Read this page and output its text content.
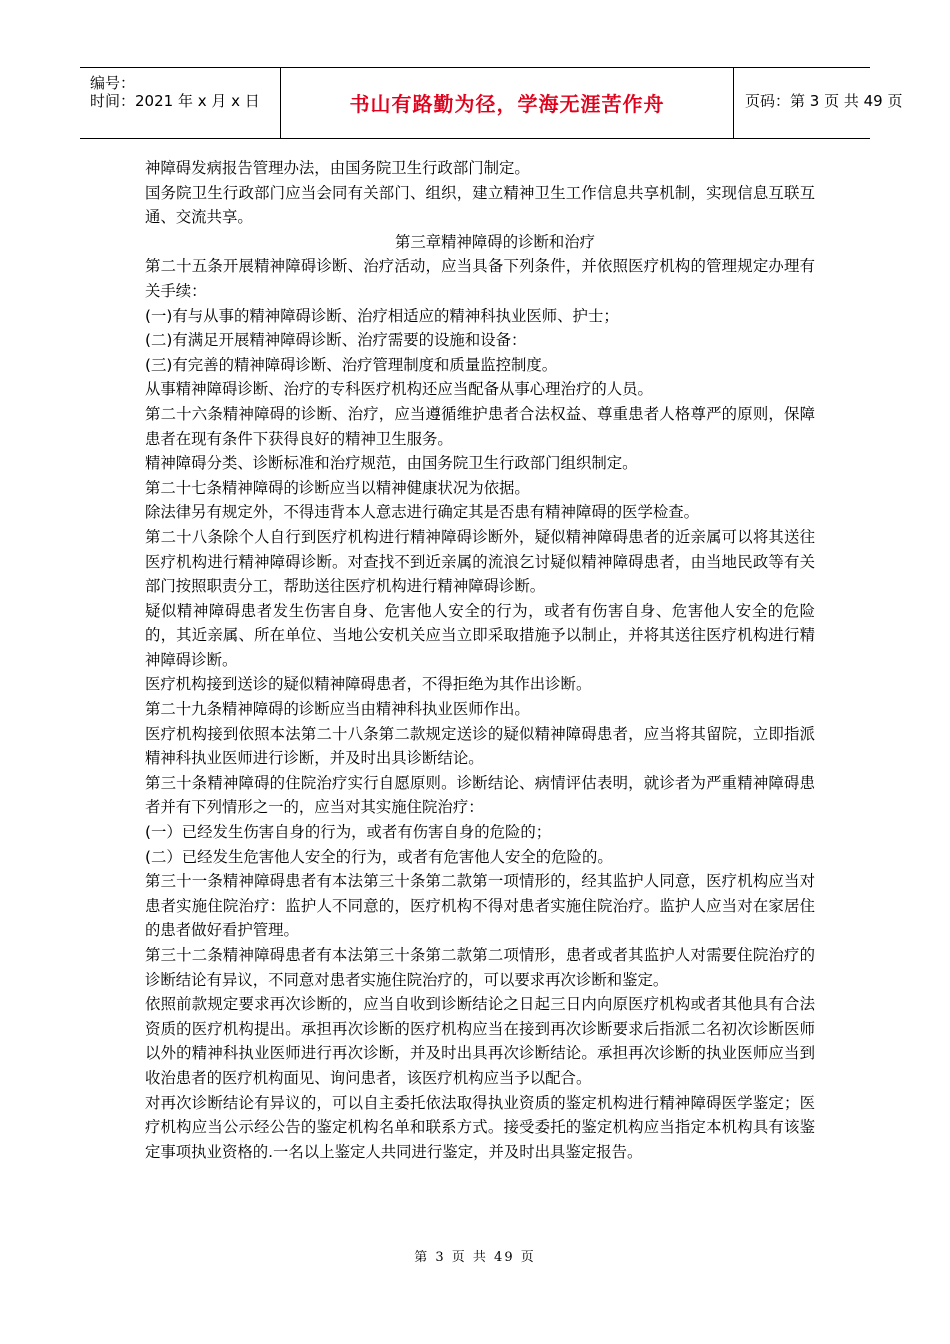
编号：
时间：2021 年 x 月 x 日	书山有路勤为径，学海无涯苦作舟	页码：第 3 页 共 49 页

神障碍发病报告管理办法，由国务院卫生行政部门制定。

国务院卫生行政部门应当会同有关部门、组织，建立精神卫生工作信息共享机制，实现信息互联互通、交流共享。

第三章精神障碍的诊断和治疗

第二十五条开展精神障碍诊断、治疗活动，应当具备下列条件，并依照医疗机构的管理规定办理有关手续：

(一)有与从事的精神障碍诊断、治疗相适应的精神科执业医师、护士；

(二)有满足开展精神障碍诊断、治疗需要的设施和设备：

(三)有完善的精神障碍诊断、治疗管理制度和质量监控制度。

从事精神障碍诊断、治疗的专科医疗机构还应当配备从事心理治疗的人员。

第二十六条精神障碍的诊断、治疗，应当遵循维护患者合法权益、尊重患者人格尊严的原则，保障患者在现有条件下获得良好的精神卫生服务。

精神障碍分类、诊断标准和治疗规范，由国务院卫生行政部门组织制定。

第二十七条精神障碍的诊断应当以精神健康状况为依据。

除法律另有规定外，不得违背本人意志进行确定其是否患有精神障碍的医学检查。

第二十八条除个人自行到医疗机构进行精神障碍诊断外，疑似精神障碍患者的近亲属可以将其送往医疗机构进行精神障碍诊断。对查找不到近亲属的流浪乞讨疑似精神障碍患者，由当地民政等有关部门按照职责分工，帮助送往医疗机构进行精神障碍诊断。

疑似精神障碍患者发生伤害自身、危害他人安全的行为，或者有伤害自身、危害他人安全的危险的，其近亲属、所在单位、当地公安机关应当立即采取措施予以制止，并将其送往医疗机构进行精神障碍诊断。

医疗机构接到送诊的疑似精神障碍患者，不得拒绝为其作出诊断。

第二十九条精神障碍的诊断应当由精神科执业医师作出。

医疗机构接到依照本法第二十八条第二款规定送诊的疑似精神障碍患者，应当将其留院，立即指派精神科执业医师进行诊断，并及时出具诊断结论。

第三十条精神障碍的住院治疗实行自愿原则。诊断结论、病情评估表明，就诊者为严重精神障碍患者并有下列情形之一的，应当对其实施住院治疗：

(一）已经发生伤害自身的行为，或者有伤害自身的危险的；

(二）已经发生危害他人安全的行为，或者有危害他人安全的危险的。

第三十一条精神障碍患者有本法第三十条第二款第一项情形的，经其监护人同意，医疗机构应当对患者实施住院治疗：监护人不同意的，医疗机构不得对患者实施住院治疗。监护人应当对在家居住的患者做好看护管理。

第三十二条精神障碍患者有本法第三十条第二款第二项情形，患者或者其监护人对需要住院治疗的诊断结论有异议，不同意对患者实施住院治疗的，可以要求再次诊断和鉴定。

依照前款规定要求再次诊断的，应当自收到诊断结论之日起三日内向原医疗机构或者其他具有合法资质的医疗机构提出。承担再次诊断的医疗机构应当在接到再次诊断要求后指派二名初次诊断医师以外的精神科执业医师进行再次诊断，并及时出具再次诊断结论。承担再次诊断的执业医师应当到收治患者的医疗机构面见、询问患者，该医疗机构应当予以配合。

对再次诊断结论有异议的，可以自主委托依法取得执业资质的鉴定机构进行精神障碍医学鉴定；医疗机构应当公示经公告的鉴定机构名单和联系方式。接受委托的鉴定机构应当指定本机构具有该鉴定事项执业资格的.一名以上鉴定人共同进行鉴定，并及时出具鉴定报告。

第 3 页 共 49 页
